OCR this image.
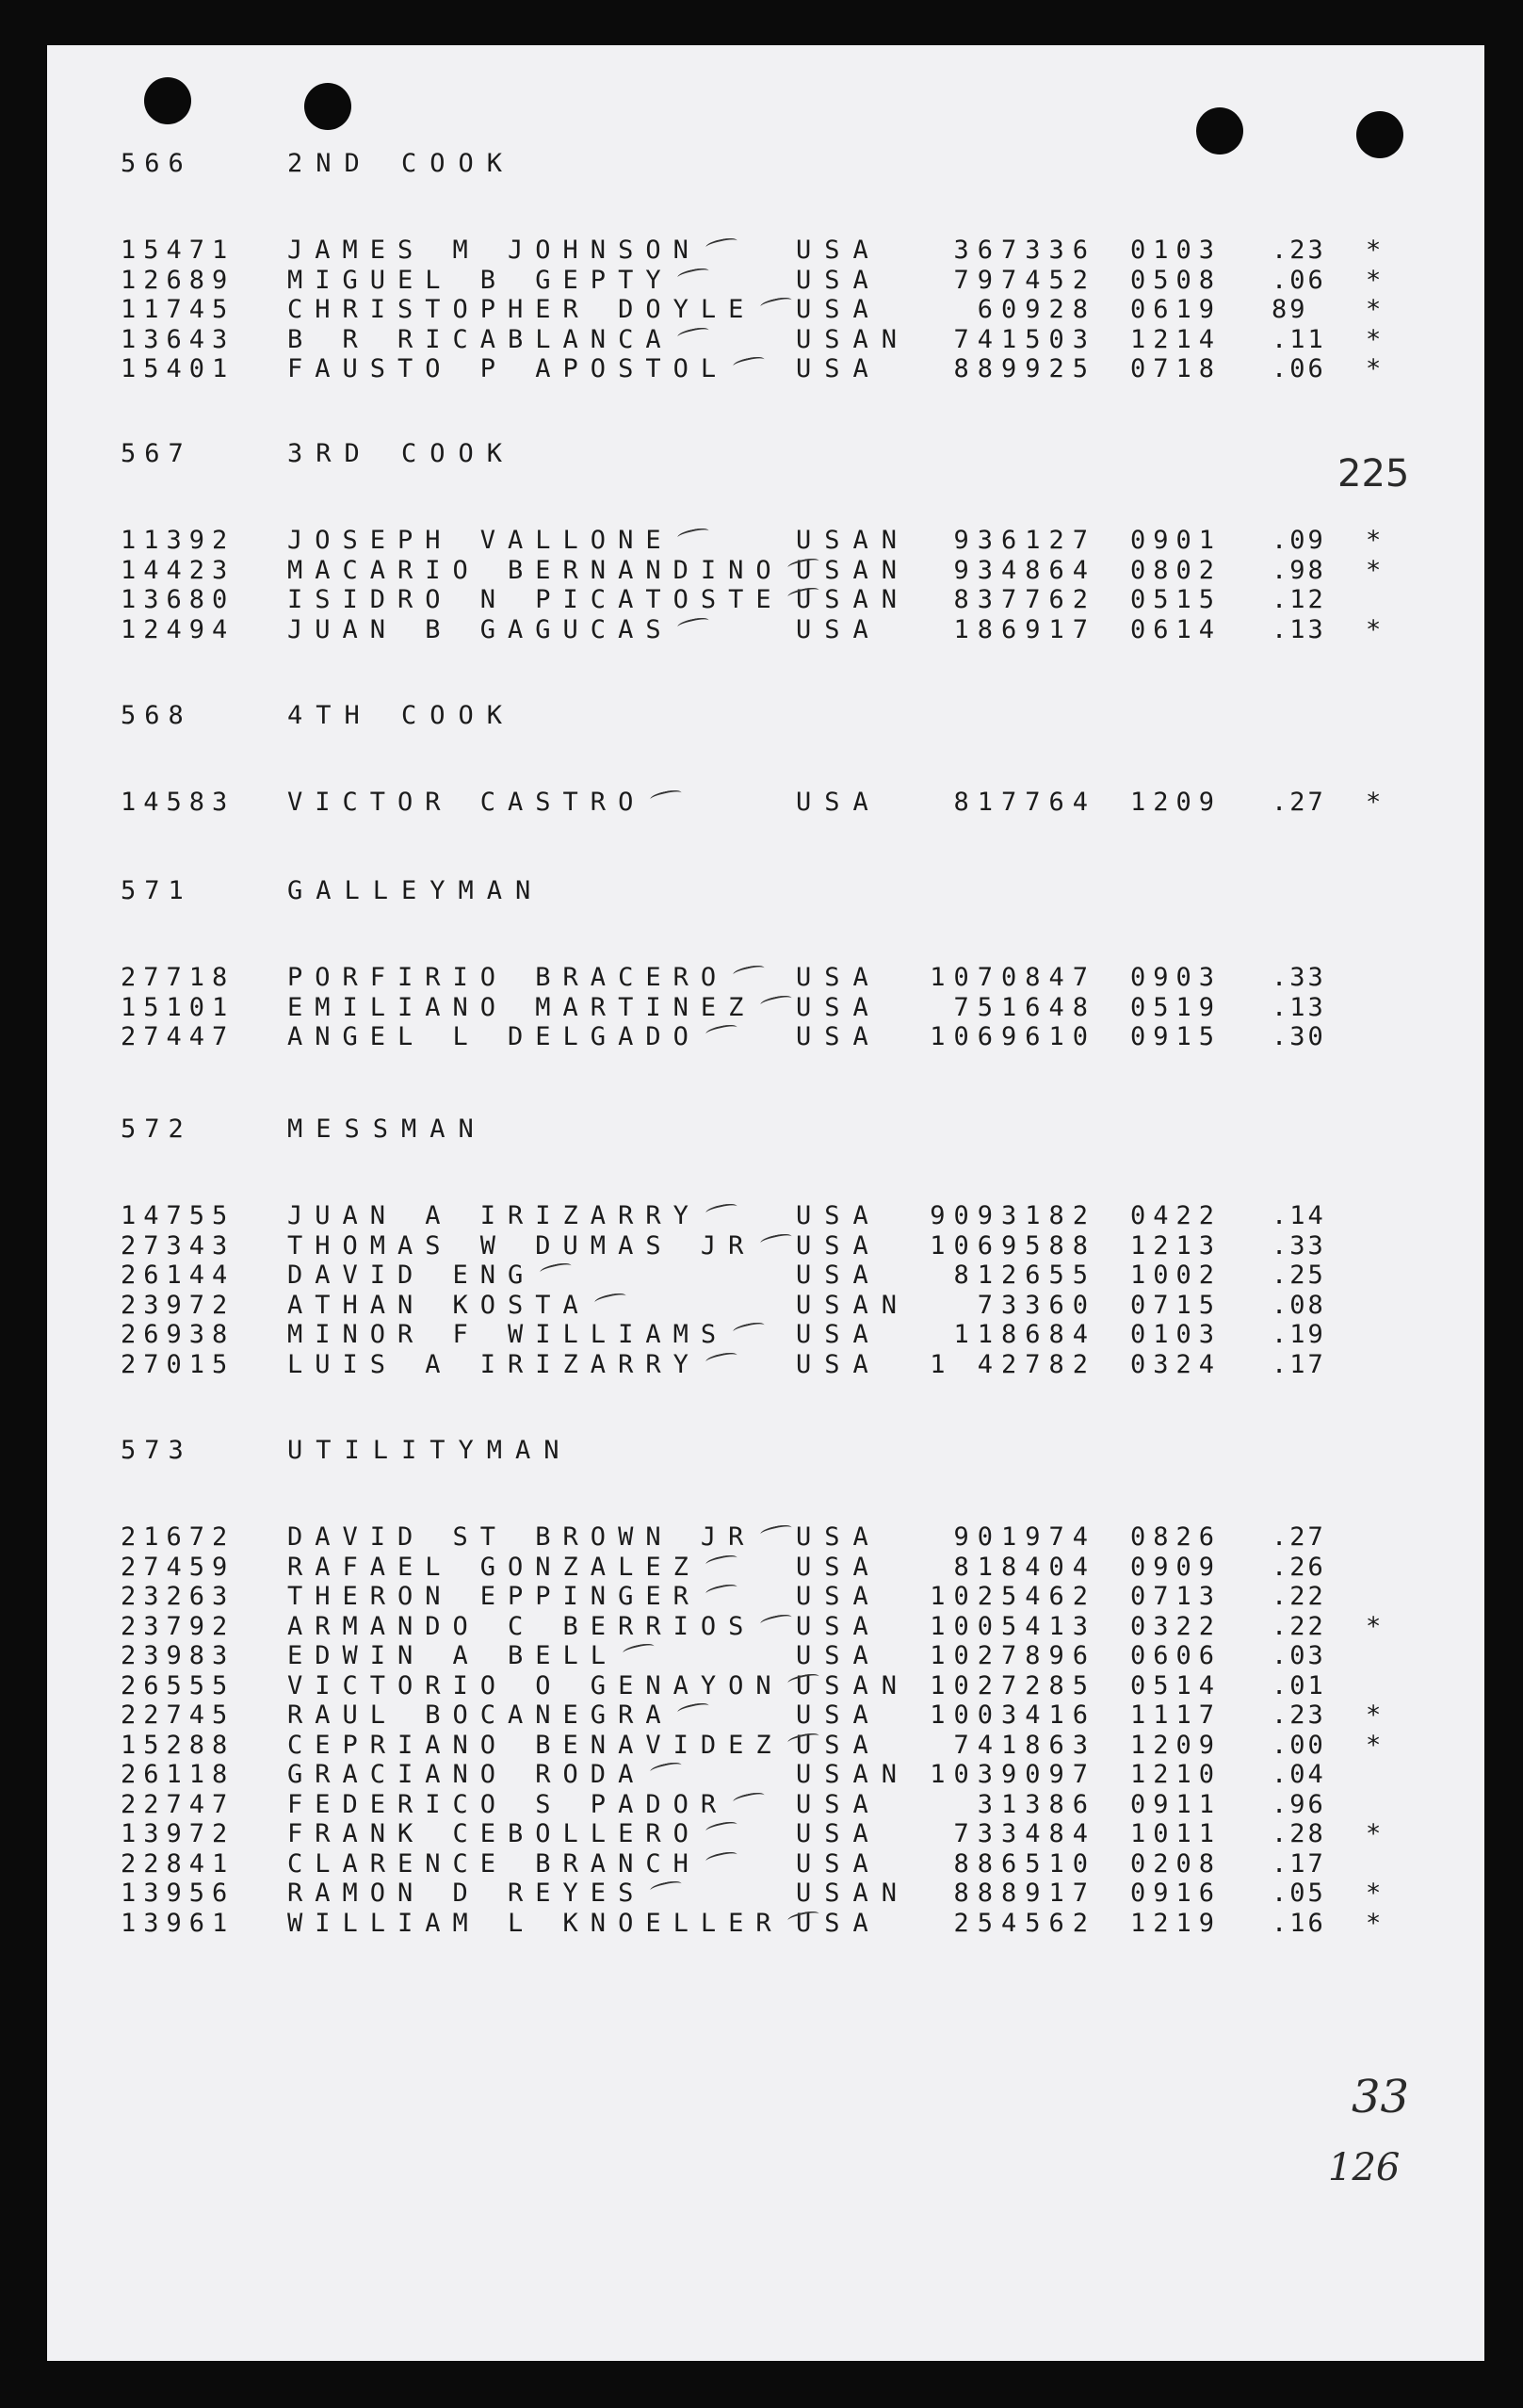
225
566	2ND COOK
15471 JAMES M JOHNSON	USA	367336 0103 .23 *
12689 MIGUEL B GEPTY	USA	797452 0508 .06 *
11745 CHRISTOPHER DOYLE USA	60928 0619 89 *
13643 B R RICABLANCA	USAN 741503 1214 .11 *
15401 FAUSTO P APOSTOL	USA	889925 0718 .06 *
567	3RD COOK
11392 JOSEPH VALLONE	USAN 936127 0901 .09 *
14423 MACARIO BERNANDINO USAN 934864 0802 .98 *
13680 ISIDRO N PICATOSTE USAN 837762 0515 .12
12494 JUAN B GAGUCAS	USA	186917 0614 .13 *
568	4TH COOK
14583 VICTOR CASTRO	USA	817764 1209 .27 *
571	GALLEYMAN
27718 PORFIRIO BRACERO	USA 1070847 0903 .33
15101 EMILIANO MARTINEZ USA	751648 0519 .13
27447 ANGEL L DELGADO	USA 1069610 0915 .30
572	MESSMAN
14755 JUAN A IRIZARRY	USA 9093182 0422 .14
27343 THOMAS W DUMAS JR USA 1069588 1213 .33
26144 DAVID ENG	USA	812655 1002 .25
23972 ATHAN KOSTA	USAN	73360 0715 .08
26938 MINOR F WILLIAMS	USA	118684 0103 .19
27015 LUIS A IRIZARRY	USA 1 42782 0324 .17
573	UTILITYMAN
21672 DAVID ST BROWN JR USA	901974 0826 .27
27459 RAFAEL GONZALEZ	USA	818404 0909 .26
23263 THERON EPPINGER	USA 1025462 0713 .22
23792 ARMANDO C BERRIOS USA 1005413 0322 .22 *
23983 EDWIN A BELL	USA 1027896 0606 .03
26555 VICTORIO O GENAYON USAN 1027285 0514 .01
22745 RAUL BOCANEGRA	USA 1003416 1117 .23 *
15288 CEPRIANO BENAVIDEZ USA	741863 1209 .00 *
26118 GRACIANO RODA	USAN 1039097 1210 .04
22747 FEDERICO S PADOR	USA	31386 0911 .96
13972 FRANK CEBOLLERO	USA	733484 1011 .28 *
22841 CLARENCE BRANCH	USA	886510 0208 .17
13956 RAMON D REYES	USAN 888917 0916 .05 *
13961 WILLIAM L KNOELLER USA	254562 1219 .16 *
33
126
